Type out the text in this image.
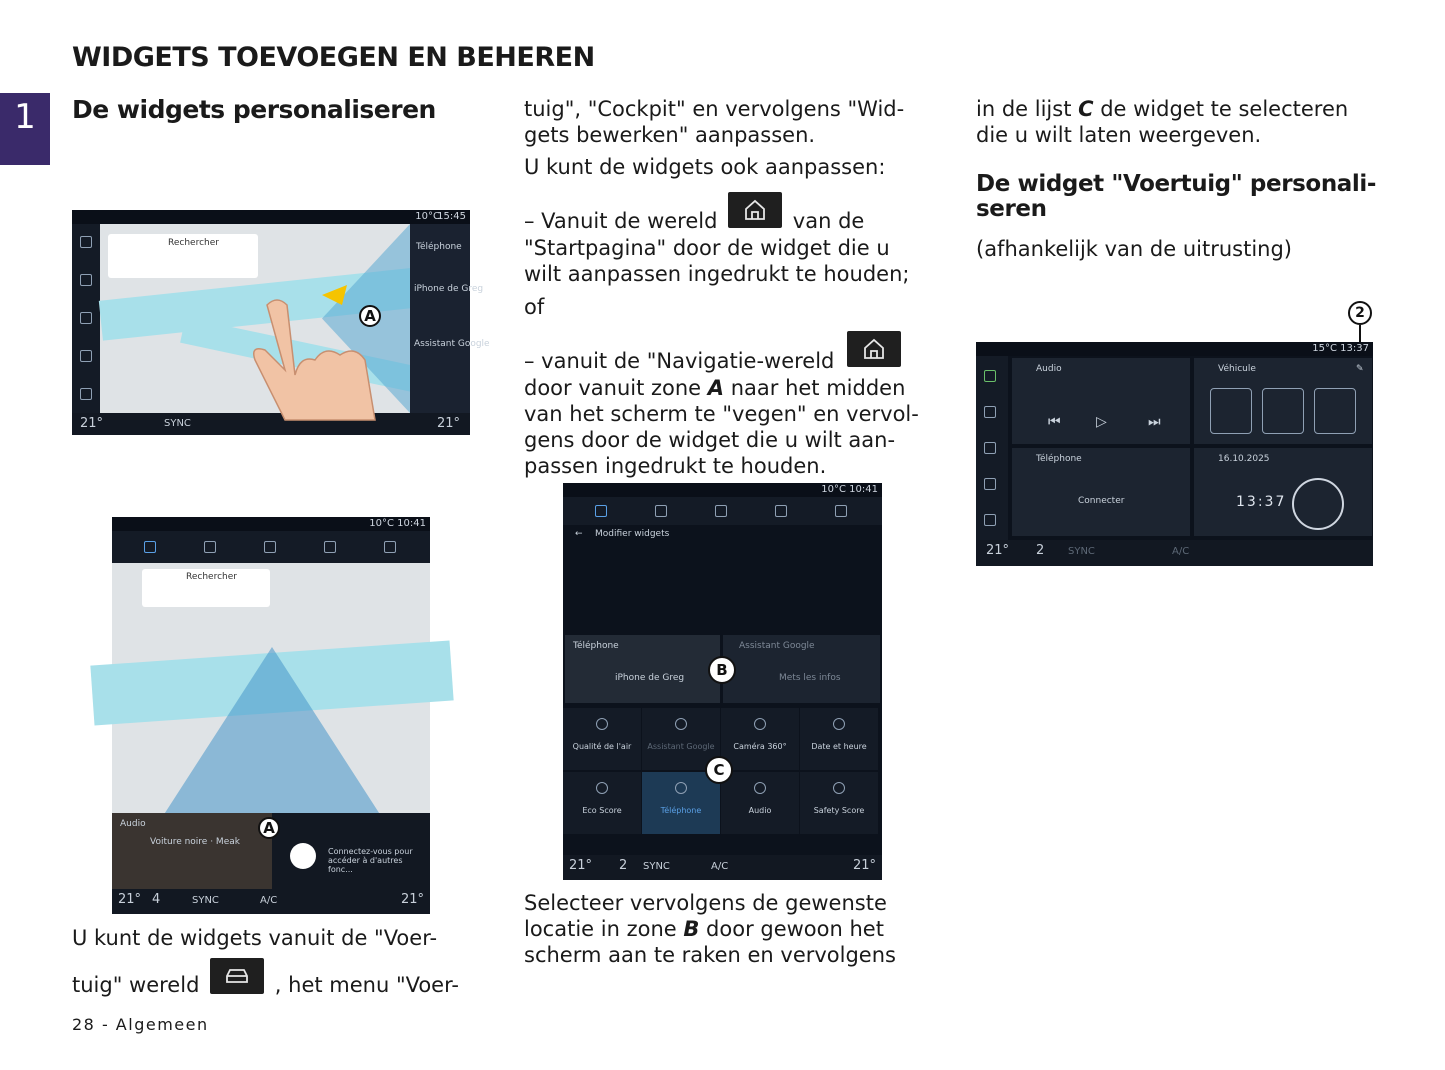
WIDGETS TOEVOEGEN EN BEHEREN
1	De widgets personaliseren
10°C
15:45
Rechercher	Téléphone
iPhone de Greg
Assistant Google
A
21°	SYNC	21°
10°C 10:41
Rechercher
Audio
Voiture noire · Meak
Connectez-vous pour accéder à d'autres fonc...
A
21° 4	SYNC	A/C	21°
U kunt de widgets vanuit de "Voer-
tuig" wereld	, het menu "Voer-
28 - Algemeen
tuig", "Cockpit" en vervolgens "Wid-
gets bewerken" aanpassen.
U kunt de widgets ook aanpassen:
– Vanuit de wereld	van de
"Startpagina" door de widget die u
wilt aanpassen ingedrukt te houden;
of
– vanuit de "Navigatie-wereld
door vanuit zone A naar het midden
van het scherm te "vegen" en vervol-
gens door de widget die u wilt aan-
passen ingedrukt te houden.
10°C 10:41
← Modifier widgets
Téléphone
iPhone de Greg
Assistant Google
Mets les infos
B
Qualité de l'air	Assistant Google	Caméra 360°	Date et heure
Eco Score	Téléphone	Audio	Safety Score
C
21° 2 SYNC	A/C	21°
Selecteer vervolgens de gewenste
locatie in zone B door gewoon het
scherm aan te raken en vervolgens
in de lijst C de widget te selecteren
die u wilt laten weergeven.
De widget "Voertuig" personali-
seren
(afhankelijk van de uitrusting)
2
15°C 13:37
Audio
⏮	▷	⏭
Véhicule	✎
Téléphone
Connecter
16.10.2025
13:37
21° 2 SYNC	A/C
